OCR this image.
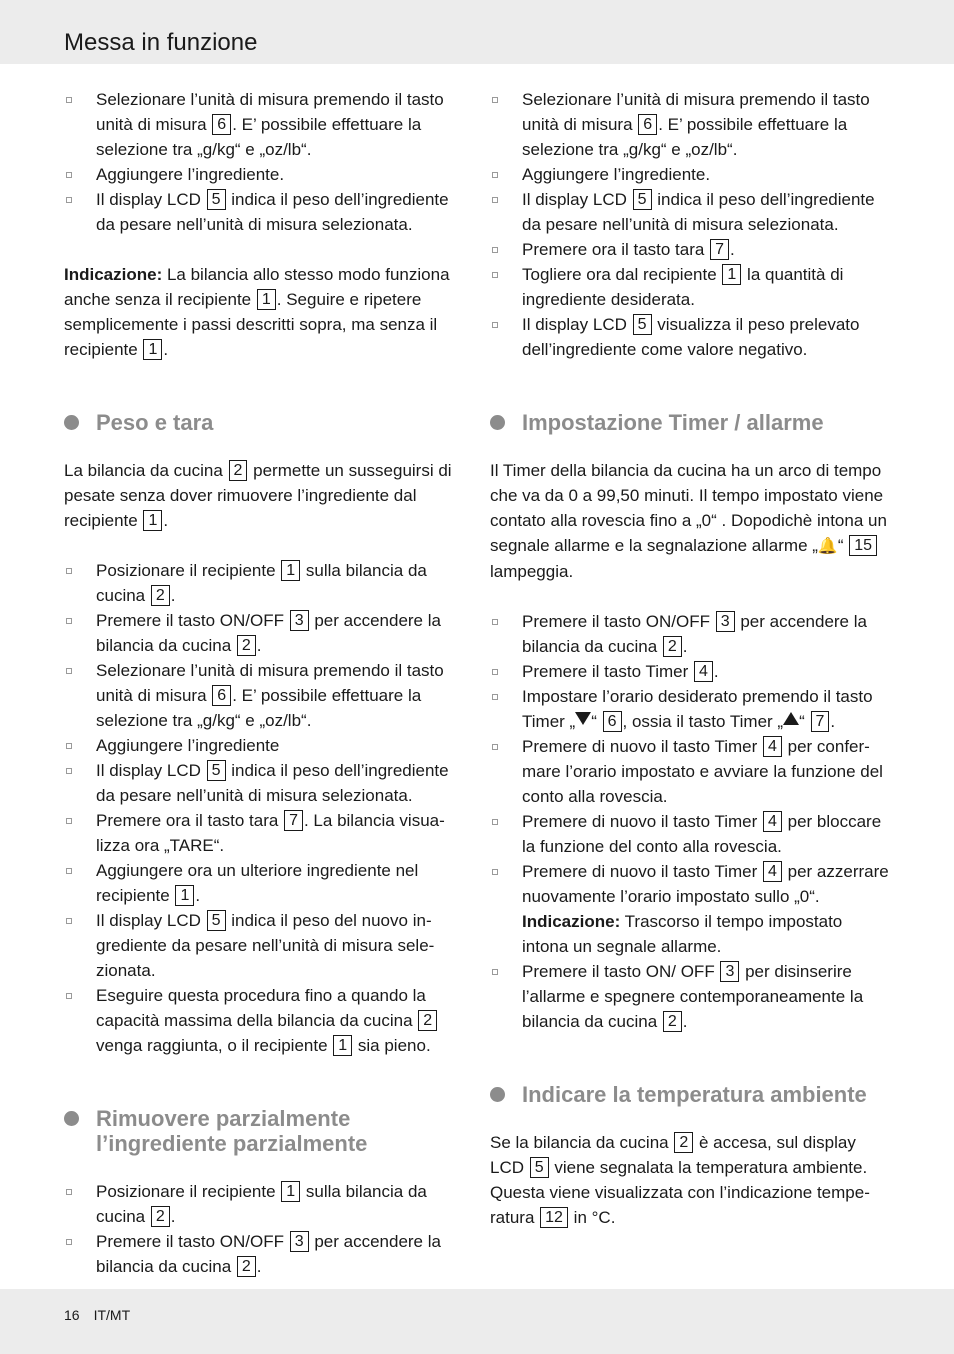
Messa in funzione
Selezionare l’unità di misura premendo il tasto unità di misura 6 . E’ possibile effettuare la selezione tra „g/kg“ e „oz/lb“.
Aggiungere l’ingrediente.
Il display LCD 5 indica il peso dell’ingrediente da pesare nell’unità di misura selezionata.

Indicazione: La bilancia allo stesso modo funziona anche senza il recipiente 1 . Seguire e ripetere semplicemente i passi descritti sopra, ma senza il recipiente 1 .

Peso e tara

La bilancia da cucina 2 permette un susseguirsi di pesate senza dover rimuovere l’ingrediente dal recipiente 1 .

Posizionare il recipiente 1 sulla bilancia da cucina 2 .
Premere il tasto ON/OFF 3 per accendere la bilancia da cucina 2 .
Selezionare l’unità di misura premendo il tasto unità di misura 6 . E’ possibile effettuare la selezione tra „g/kg“ e „oz/lb“.
Aggiungere l’ingrediente
Il display LCD 5 indica il peso dell’ingrediente da pesare nell’unità di misura selezionata.
Premere ora il tasto tara 7 . La bilancia visualizza ora „TARE“.
Aggiungere ora un ulteriore ingrediente nel recipiente 1 .
Il display LCD 5 indica il peso del nuovo ingrediente da pesare nell’unità di misura selezionata.
Eseguire questa procedura fino a quando la capacità massima della bilancia da cucina 2 venga raggiunta, o il recipiente 1 sia pieno.
Rimuovere parzialmente l’ingrediente parzialmente
Posizionare il recipiente 1 sulla bilancia da cucina 2 .
Premere il tasto ON/OFF 3 per accendere la bilancia da cucina 2 .
Selezionare l’unità di misura premendo il tasto unità di misura 6 . E’ possibile effettuare la selezione tra „g/kg“ e „oz/lb“.
Aggiungere l’ingrediente.
Il display LCD 5 indica il peso dell’ingrediente da pesare nell’unità di misura selezionata.
Premere ora il tasto tara 7 .
Togliere ora dal recipiente 1 la quantità di ingrediente desiderata.
Il display LCD 5 visualizza il peso prelevato dell’ingrediente come valore negativo.
Impostazione Timer / allarme

Il Timer della bilancia da cucina ha un arco di tempo che va da 0 a 99,50 minuti. Il tempo impostato viene contato alla rovescia fino a „0“ . Dopodichè intona un segnale allarme e la segnalazione allarme „🔔“ 15 lampeggia.

Premere il tasto ON/OFF 3 per accendere la bilancia da cucina 2 .
Premere il tasto Timer 4 .
Impostare l’orario desiderato premendo il tasto Timer „ “ 6 , ossia il tasto Timer „ “ 7 .
Premere di nuovo il tasto Timer 4 per confermare l’orario impostato e avviare la funzione del conto alla rovescia.
Premere di nuovo il tasto Timer 4 per bloccare la funzione del conto alla rovescia.
Premere di nuovo il tasto Timer 4 per azzerrare nuovamente l’orario impostato sullo „0“.
Indicazione: Trascorso il tempo impostato intona un segnale allarme.
Premere il tasto ON/ OFF 3 per disinserire l’allarme e spegnere contemporaneamente la bilancia da cucina 2 .
Indicare la temperatura ambiente

Se la bilancia da cucina 2 è accesa, sul display LCD 5 viene segnalata la temperatura ambiente. Questa viene visualizzata con l’indicazione temperatura 12 in °C.

16 IT/MT
